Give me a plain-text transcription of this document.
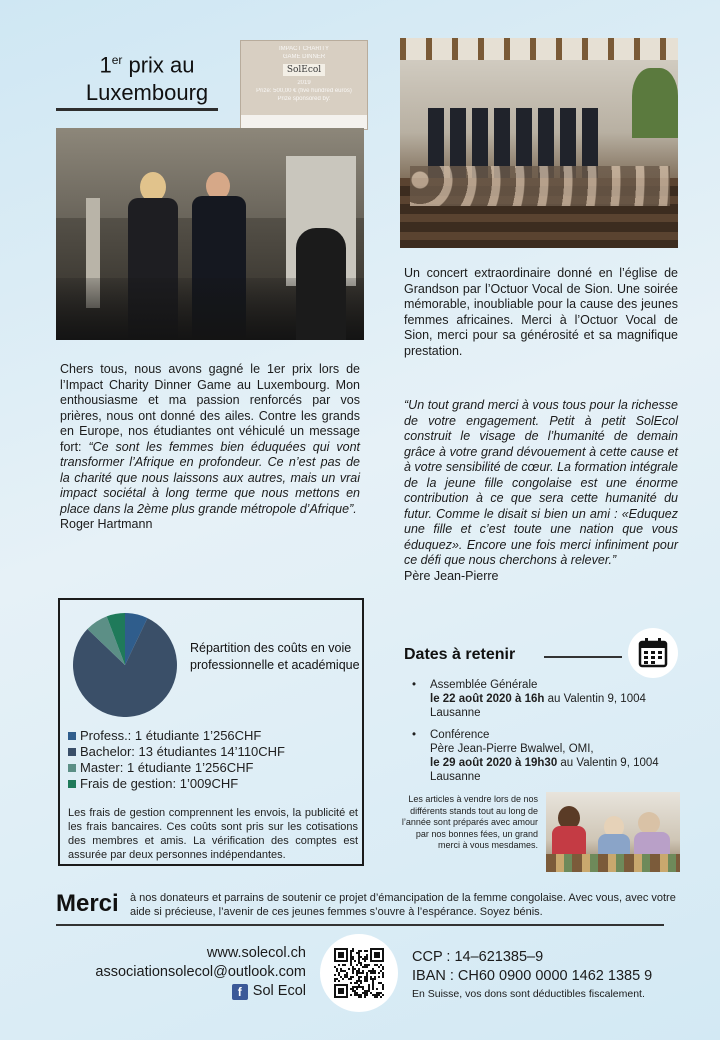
1er prix au
Luxembourg
IMPACT CHARITY
GAME DINNER
SolEcol
2019
Prize: 500,00 € (five hundred euros)
Prize sponsored by:
Chers tous, nous avons gagné le 1er prix lors de l’Impact Charity Dinner Game au Luxembourg. Mon enthousiasme et ma passion renforcés par vos prières, nous ont donné des ailes. Contre les grands en Europe, nos étudiantes ont véhiculé un message fort: “Ce sont les femmes bien éduquées qui vont transformer l’Afrique en profondeur. Ce n’est pas de la charité que nous laissons aux autres, mais un vrai impact sociétal à long terme que nous mettons en place dans la 2ème plus grande métropole d’Afrique”.
Roger Hartmann
Un concert extraordinaire donné en l’église de Grandson par l’Octuor Vocal de Sion. Une soirée mémorable, inoubliable pour la cause des jeunes femmes africaines. Merci à l’Octuor Vocal de Sion, merci pour sa générosité et sa magnifique prestation.
“Un tout grand merci à vous tous pour la richesse de votre engagement. Petit à petit SolEcol construit le visage de l’humanité de demain grâce à votre grand dévouement à cette cause et à votre sensibilité de cœur. La formation intégrale de la jeune fille congolaise est une énorme contribution à ce que sera cette humanité du futur. Comme le disait si bien un ami : «Eduquez une fille et c’est toute une nation que vous éduquez». Encore une fois merci infiniment pour ce défi que nous cherchons à relever.”
Père Jean-Pierre
Répartition des coûts en voie professionnelle et académique
Profess.: 1 étudiante 1’256CHF
Bachelor: 13 étudiantes 14’110CHF
Master: 1 étudiante 1’256CHF
Frais de gestion: 1’009CHF
Les frais de gestion comprennent les envois, la publicité et les frais bancaires. Ces coûts sont pris sur les cotisations des membres et amis. La vérification des comptes est assurée par deux personnes indépendantes.
Dates à retenir
• Assemblée Générale
le 22 août 2020 à 16h au Valentin 9, 1004 Lausanne
• Conférence
Père Jean-Pierre Bwalwel, OMI,
le 29 août 2020 à 19h30 au Valentin 9, 1004 Lausanne
Les articles à vendre lors de nos différents stands tout au long de l’année sont préparés avec amour par nos bonnes fées, un grand merci à vous mesdames.
Merci à nos donateurs et parrains de soutenir ce projet d’émancipation de la femme congolaise. Avec vous, avec votre aide si précieuse, l’avenir de ces jeunes femmes s’ouvre à l’espérance. Soyez bénis.
www.solecol.ch
associationsolecol@outlook.com
f Sol Ecol
CCP : 14–621385–9
IBAN : CH60 0900 0000 1462 1385 9
En Suisse, vos dons sont déductibles fiscalement.
